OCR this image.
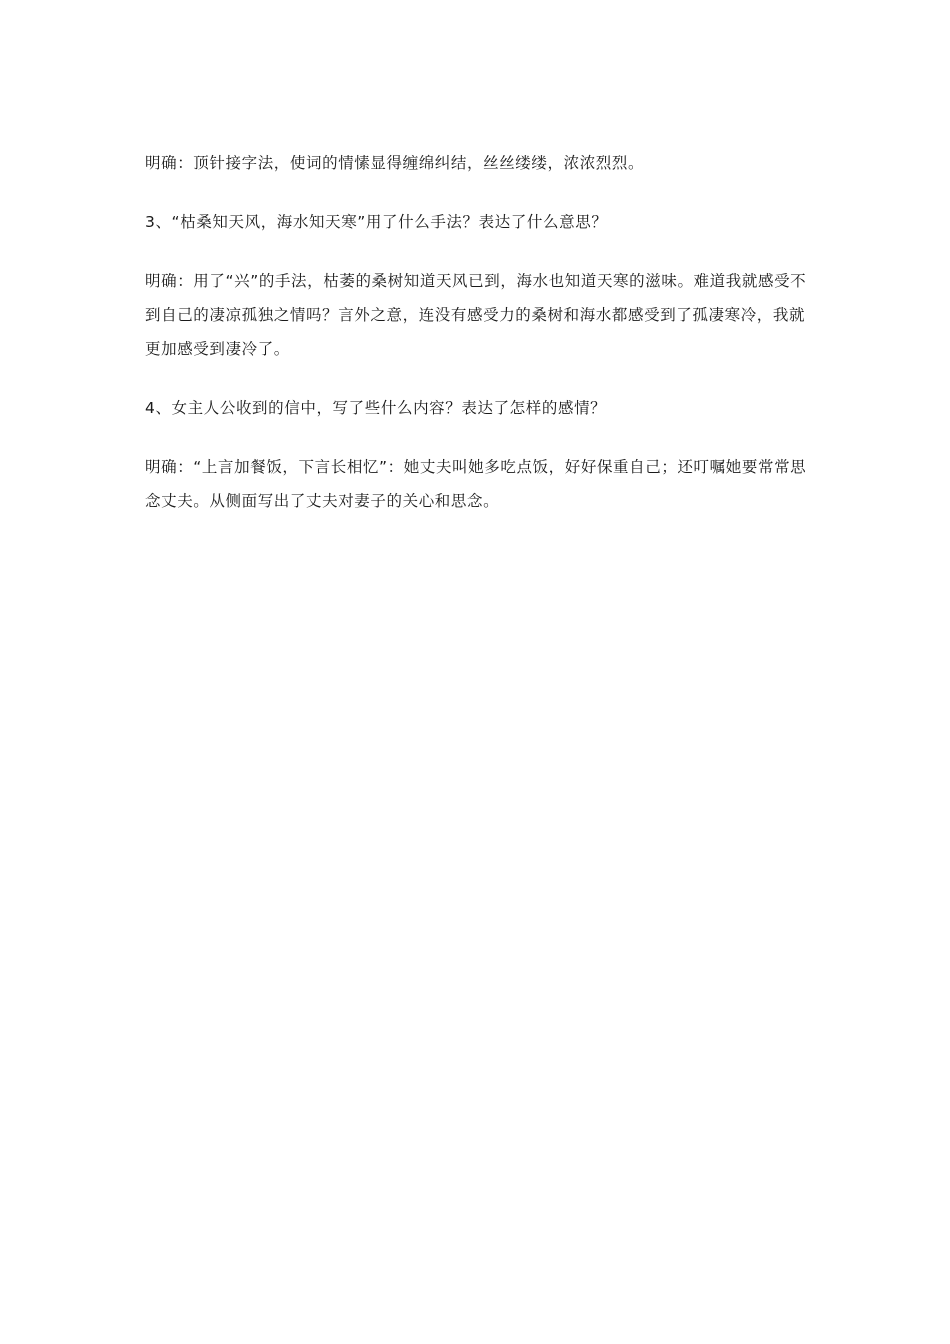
明确：顶针接字法，使词的情愫显得缠绵纠结，丝丝缕缕，浓浓烈烈。

3、“枯桑知天风，海水知天寒”用了什么手法？表达了什么意思？

明确：用了“兴”的手法，枯萎的桑树知道天风已到，海水也知道天寒的滋味。难道我就感受不到自己的凄凉孤独之情吗？言外之意，连没有感受力的桑树和海水都感受到了孤凄寒冷，我就更加感受到凄冷了。

4、女主人公收到的信中，写了些什么内容？表达了怎样的感情？

明确：“上言加餐饭，下言长相忆”：她丈夫叫她多吃点饭，好好保重自己；还叮嘱她要常常思念丈夫。从侧面写出了丈夫对妻子的关心和思念。
